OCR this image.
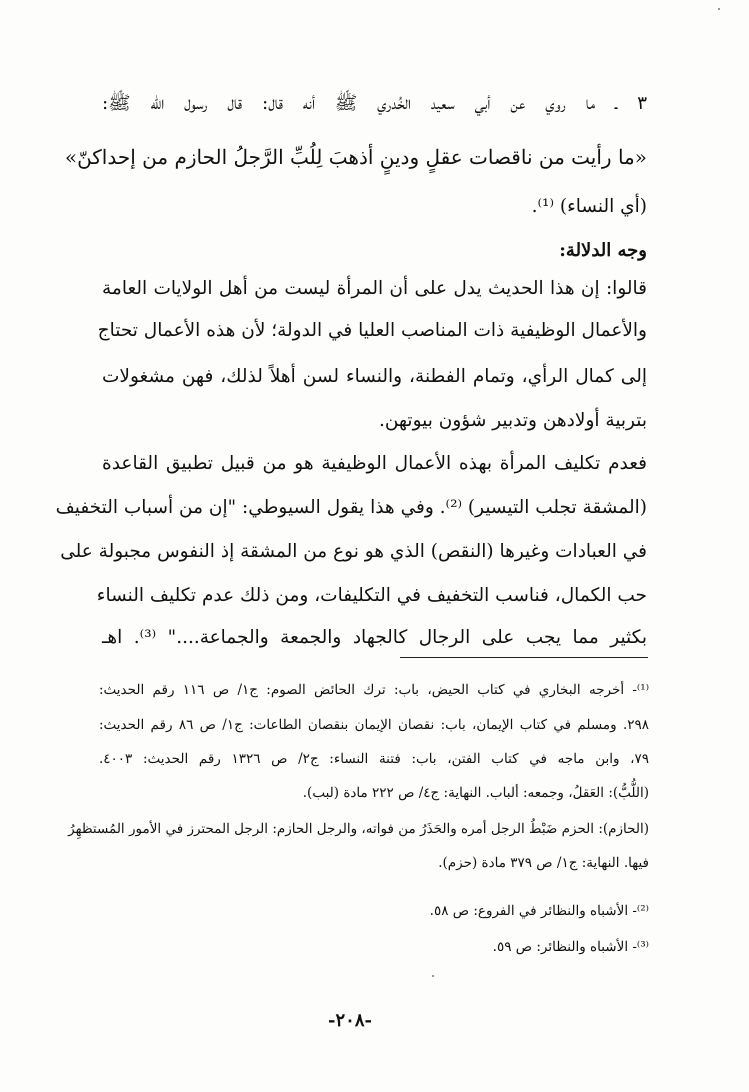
٣ ـ ما روي عن أبي سعيد الخُدري ﷺ أنه قال: قال رسول الله ﷺ:
«ما رأيت من ناقصات عقلٍ ودينٍ أذهبَ لِلُبِّ الرَّجلُ الحازم من إحداكنّ»
(أي النساء) ⁽¹⁾.
وجه الدلالة:
قالوا: إن هذا الحديث يدل على أن المرأة ليست من أهل الولايات العامة
والأعمال الوظيفية ذات المناصب العليا في الدولة؛ لأن هذه الأعمال تحتاج
إلى كمال الرأي، وتمام الفطنة، والنساء لسن أهلاً لذلك، فهن مشغولات
بتربية أولادهن وتدبير شؤون بيوتهن.
فعدم تكليف المرأة بهذه الأعمال الوظيفية هو من قبيل تطبيق القاعدة
(المشقة تجلب التيسير) ⁽²⁾. وفي هذا يقول السيوطي: "إن من أسباب التخفيف
في العبادات وغيرها (النقص) الذي هو نوع من المشقة إذ النفوس مجبولة على
حب الكمال، فناسب التخفيف في التكليفات، ومن ذلك عدم تكليف النساء
بكثير مما يجب على الرجال كالجهاد والجمعة والجماعة...." ⁽³⁾. اهـ
⁽¹⁾- أخرجه البخاري في كتاب الحيض، باب: ترك الحائض الصوم: ج١/ ص ١١٦ رقم الحديث:
٢٩٨. ومسلم في كتاب الإيمان، باب: نقصان الإيمان بنقصان الطاعات: ج١/ ص ٨٦ رقم الحديث:
٧٩، وابن ماجه في كتاب الفتن، باب: فتنة النساء: ج٢/ ص ١٣٢٦ رقم الحديث: ٤٠٠٣.
(اللُّبُّ): العَقلُ، وجمعه: ألباب. النهاية: ج٤/ ص ٢٢٢ مادة (لبب).
(الحازم): الحزم ضَبْطُ الرجل أمره والحَذَرُ من فواته، والرجل الحازم: الرجل المحترز في الأمور المُستظهِرُ
فيها. النهاية: ج١/ ص ٣٧٩ مادة (حزم).
⁽²⁾- الأشباه والنظائر في الفروع: ص ٥٨.
⁽³⁾- الأشباه والنظائر: ص ٥٩.
-٢٠٨-
